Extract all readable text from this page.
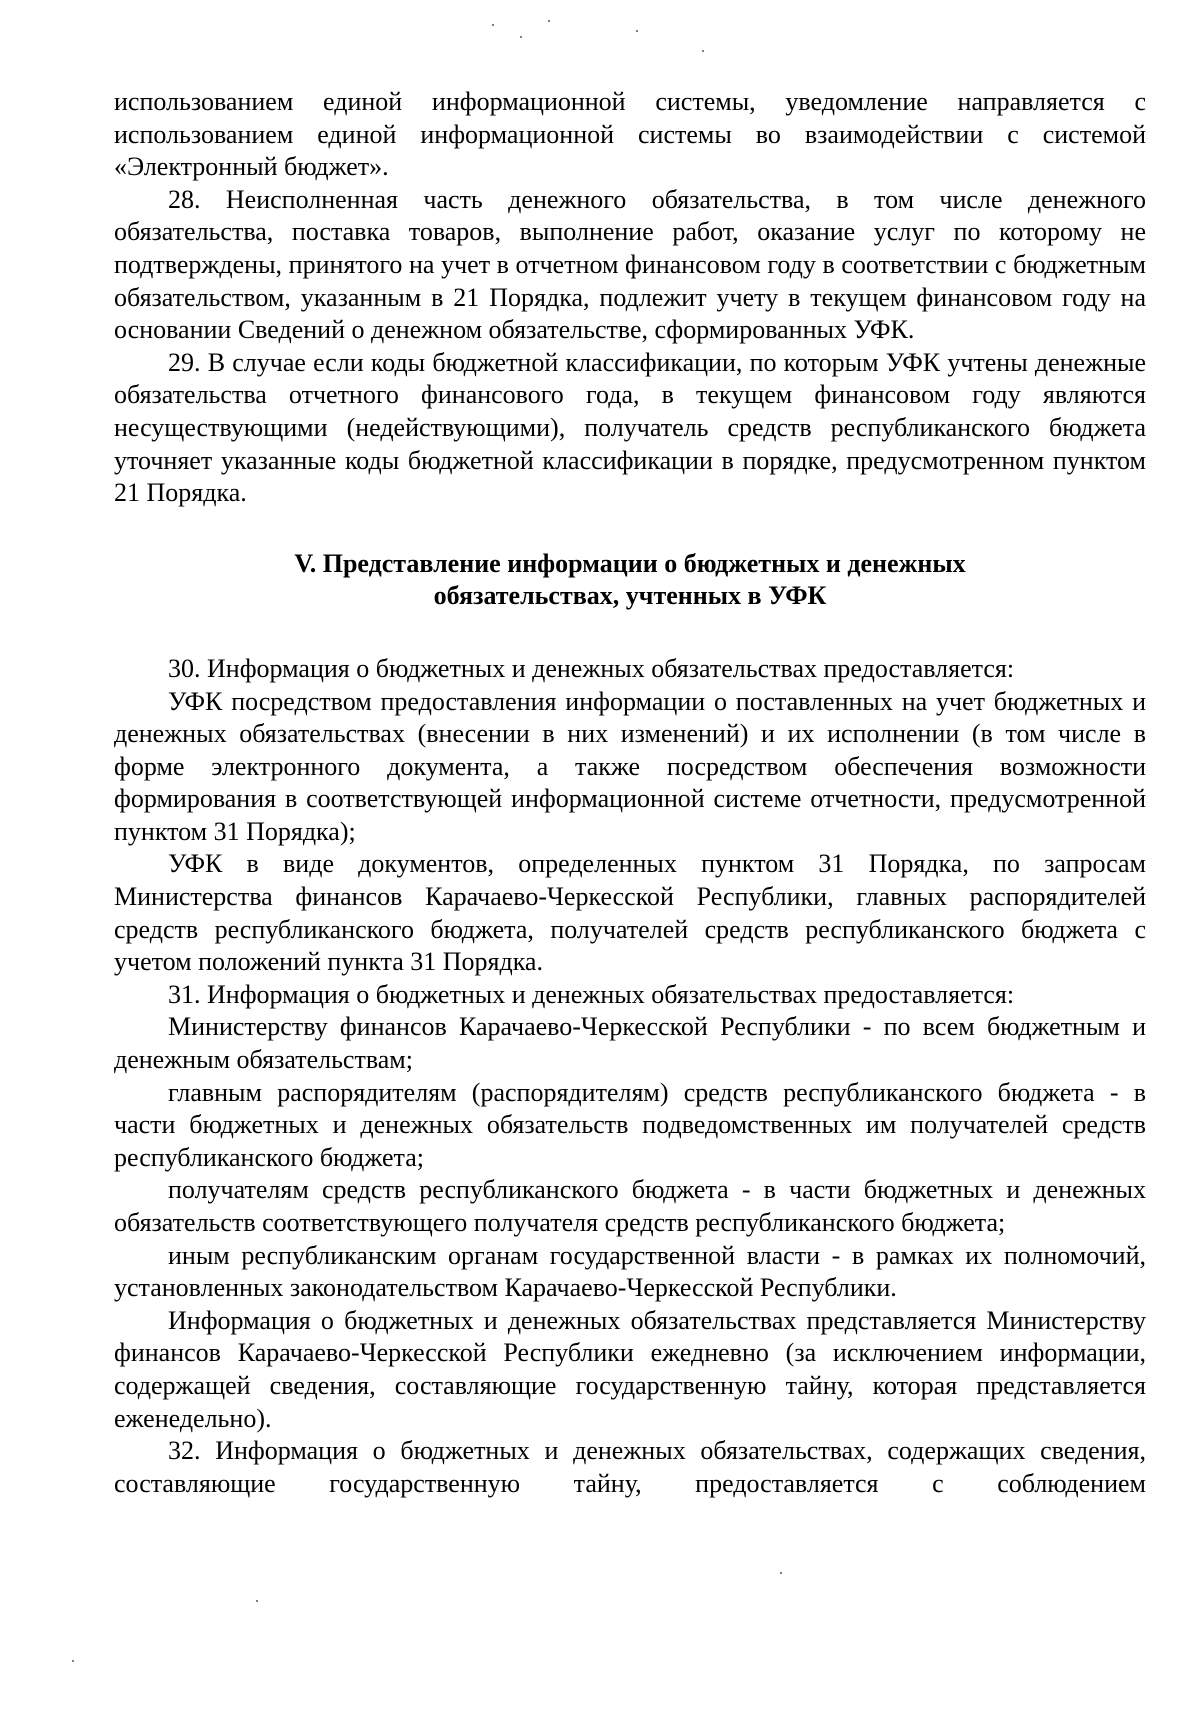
использованием единой информационной системы, уведомление направляется с использованием единой информационной системы во взаимодействии с системой «Электронный бюджет».

28. Неисполненная часть денежного обязательства, в том числе денежного обязательства, поставка товаров, выполнение работ, оказание услуг по которому не подтверждены, принятого на учет в отчетном финансовом году в соответствии с бюджетным обязательством, указанным в 21 Порядка, подлежит учету в текущем финансовом году на основании Сведений о денежном обязательстве, сформированных УФК.

29. В случае если коды бюджетной классификации, по которым УФК учтены денежные обязательства отчетного финансового года, в текущем финансовом году являются несуществующими (недействующими), получатель средств республиканского бюджета уточняет указанные коды бюджетной классификации в порядке, предусмотренном пунктом 21 Порядка.

V. Представление информации о бюджетных и денежных
обязательствах, учтенных в УФК

30. Информация о бюджетных и денежных обязательствах предоставляется:

УФК посредством предоставления информации о поставленных на учет бюджетных и денежных обязательствах (внесении в них изменений) и их исполнении (в том числе в форме электронного документа, а также посредством обеспечения возможности формирования в соответствующей информационной системе отчетности, предусмотренной пунктом 31 Порядка);

УФК в виде документов, определенных пунктом 31 Порядка, по запросам Министерства финансов Карачаево-Черкесской Республики, главных распорядителей средств республиканского бюджета, получателей средств республиканского бюджета с учетом положений пункта 31 Порядка.

31. Информация о бюджетных и денежных обязательствах предоставляется:

Министерству финансов Карачаево-Черкесской Республики - по всем бюджетным и денежным обязательствам;

главным распорядителям (распорядителям) средств республиканского бюджета - в части бюджетных и денежных обязательств подведомственных им получателей средств республиканского бюджета;

получателям средств республиканского бюджета - в части бюджетных и денежных обязательств соответствующего получателя средств республиканского бюджета;

иным республиканским органам государственной власти - в рамках их полномочий, установленных законодательством Карачаево-Черкесской Республики.

Информация о бюджетных и денежных обязательствах представляется Министерству финансов Карачаево-Черкесской Республики ежедневно (за исключением информации, содержащей сведения, составляющие государственную тайну, которая представляется еженедельно).

32. Информация о бюджетных и денежных обязательствах, содержащих сведения, составляющие государственную тайну, предоставляется с соблюдением
